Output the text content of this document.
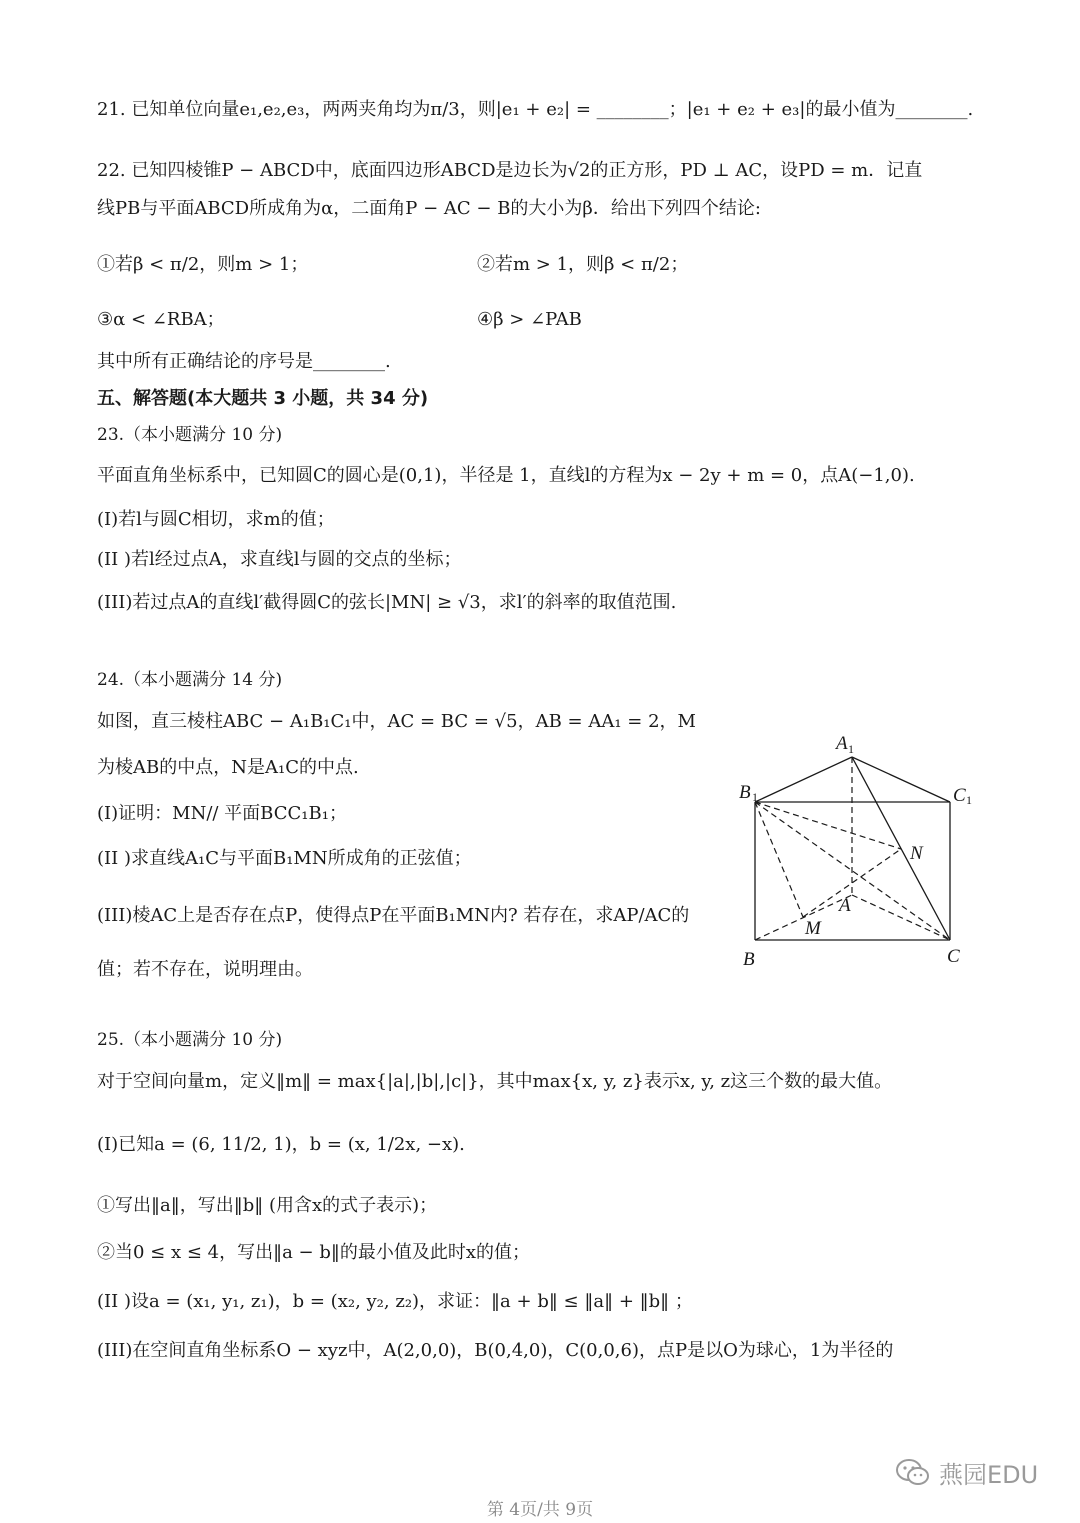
21. 已知单位向量e₁,e₂,e₃，两两夹角均为π/3，则|e₁ + e₂| = ________；|e₁ + e₂ + e₃|的最小值为________.
22. 已知四棱锥P − ABCD中，底面四边形ABCD是边长为√2的正方形，PD ⊥ AC，设PD = m．记直
线PB与平面ABCD所成角为α，二面角P − AC − B的大小为β．给出下列四个结论:
①若β < π/2，则m > 1；	②若m > 1，则β < π/2；
③α < ∠RBA；	④β > ∠PAB
其中所有正确结论的序号是________.
五、解答题(本大题共 3 小题，共 34 分)
23.（本小题满分 10 分)
平面直角坐标系中，已知圆C的圆心是(0,1)，半径是 1，直线l的方程为x − 2y + m = 0，点A(−1,0).
(I)若l与圆C相切，求m的值；
(II )若l经过点A，求直线l与圆的交点的坐标；
(III)若过点A的直线l′截得圆C的弦长|MN| ≥ √3，求l′的斜率的取值范围.
24.（本小题满分 14 分)
如图，直三棱柱ABC − A₁B₁C₁中，AC = BC = √5，AB = AA₁ = 2，M
为棱AB的中点，N是A₁C的中点.
(I)证明：MN// 平面BCC₁B₁；
(II )求直线A₁C与平面B₁MN所成角的正弦值；
(III)棱AC上是否存在点P，使得点P在平面B₁MN内? 若存在，求AP/AC的
值；若不存在，说明理由。
A 1
B 1	C 1
N
A
M
B	C
25.（本小题满分 10 分)
对于空间向量m，定义‖m‖ = max{|a|,|b|,|c|}，其中max{x, y, z}表示x, y, z这三个数的最大值。
(I)已知a = (6, 11/2, 1)，b = (x, 1/2x, −x).
①写出‖a‖，写出‖b‖ (用含x的式子表示)；
②当0 ≤ x ≤ 4，写出‖a − b‖的最小值及此时x的值；
(II )设a = (x₁, y₁, z₁)，b = (x₂, y₂, z₂)，求证：‖a + b‖ ≤ ‖a‖ + ‖b‖ ；
(III)在空间直角坐标系O − xyz中，A(2,0,0)，B(0,4,0)，C(0,0,6)，点P是以O为球心，1为半径的
燕园EDU
第 4页/共 9页
